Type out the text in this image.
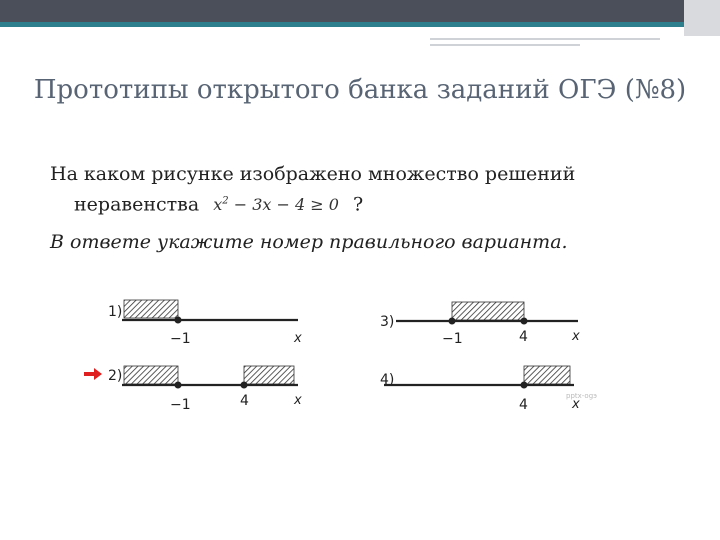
Прототипы открытого банка заданий ОГЭ (№8)
На каком рисунке изображено множество решений
неравенства $x^2 - 3x - 4 \ge 0$ ?
В ответе укажите номер правильного варианта.
1)
−1	x
2)
−1	4	x
3)
−1	4	x
4)
4	x
pptx-ogэ
